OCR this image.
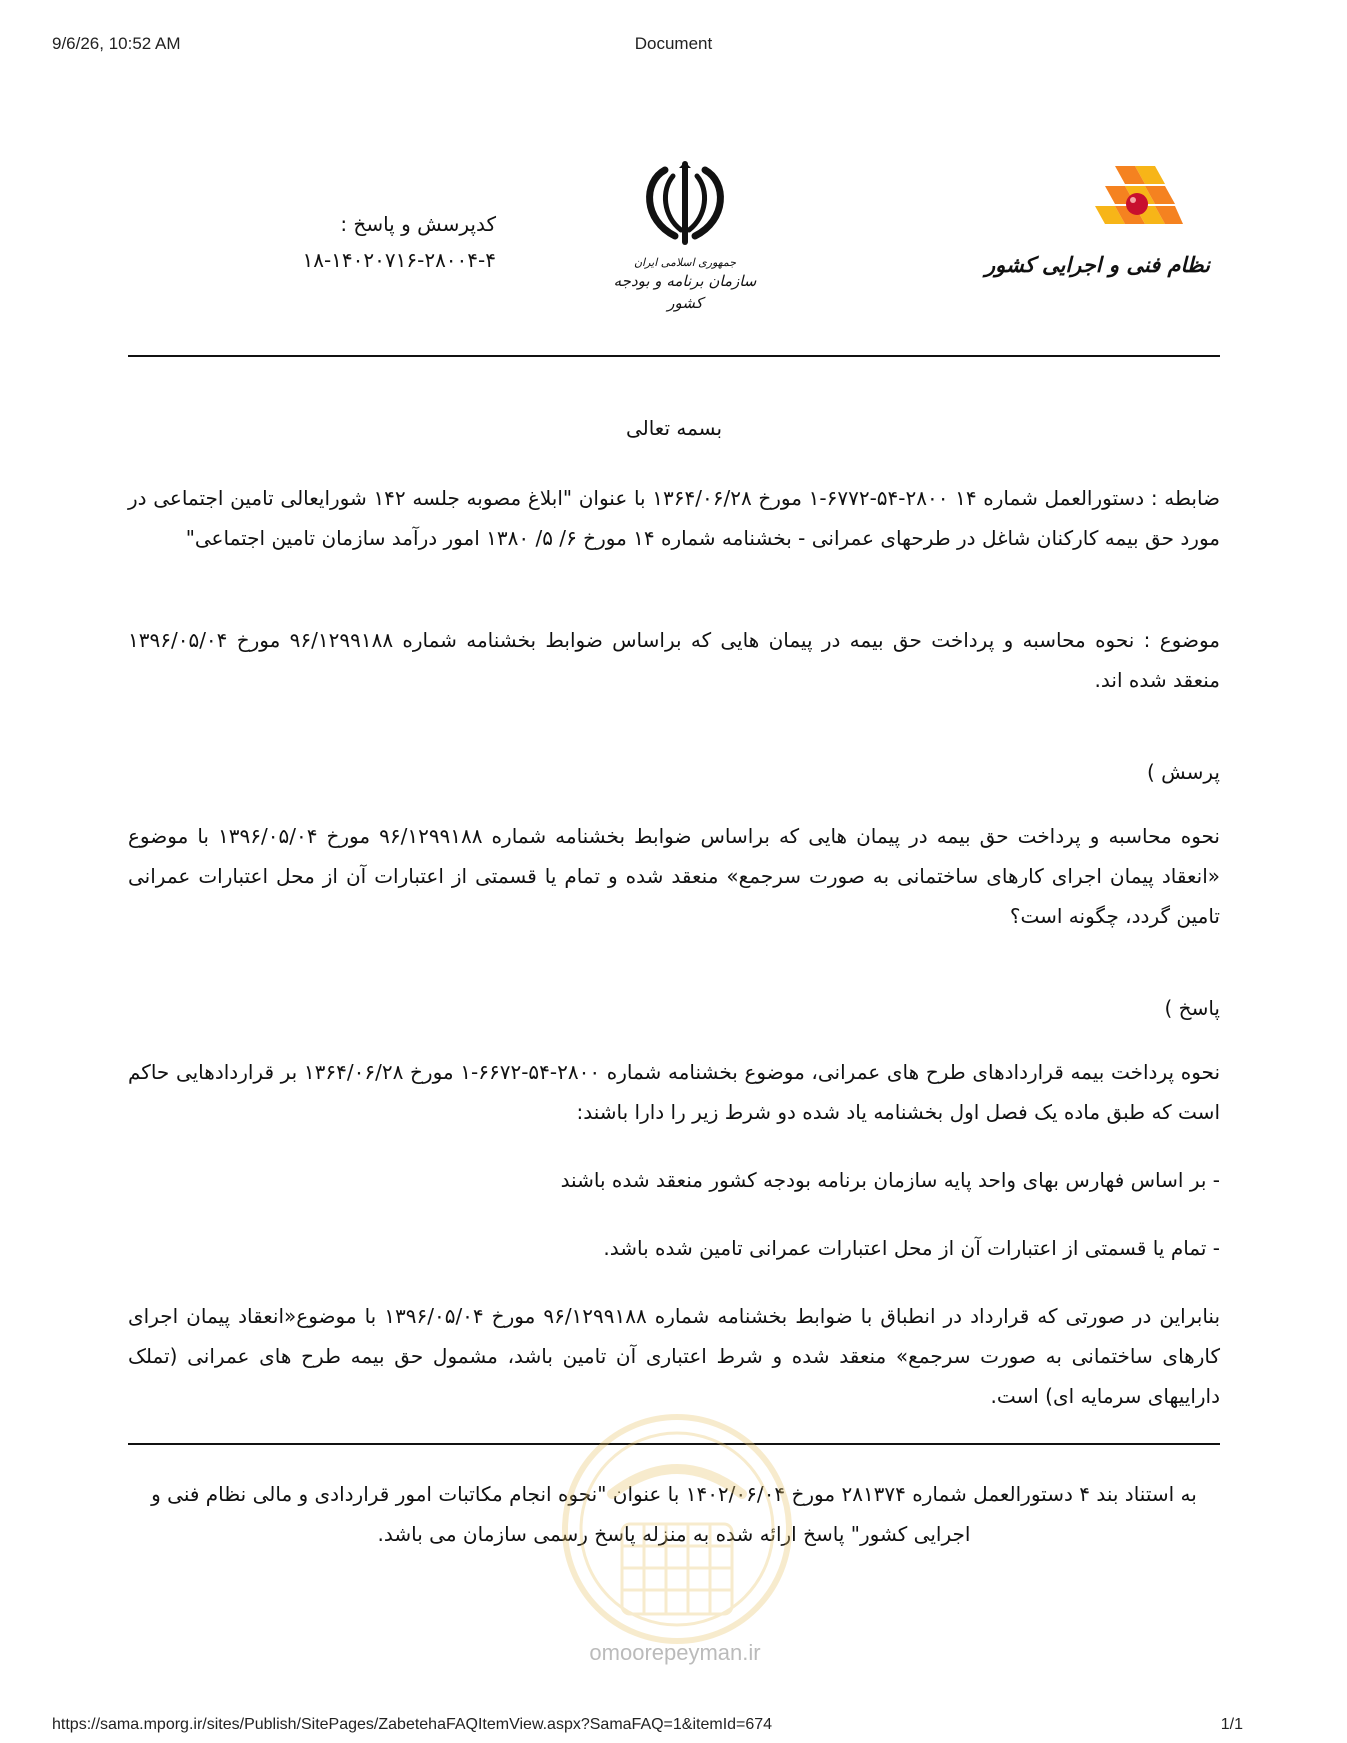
9/6/26, 10:52 AM	Document
کدپرسش و پاسخ :
۱۸-۱۴۰۲۰۷۱۶-۲۸۰۰۴-۴	جمهوری اسلامی ایران
سازمان برنامه و بودجه کشور
نظام فنی و اجرایی کشور
بسمه تعالی
ضابطه : دستورالعمل شماره ۱۴ ۲۸۰۰-۵۴-۶۷۷۲-۱ مورخ ۱۳۶۴/۰۶/۲۸ با عنوان "ابلاغ مصوبه جلسه ۱۴۲ شورایعالی تامین اجتماعی در مورد حق بیمه کارکنان شاغل در طرحهای عمرانی - بخشنامه شماره ۱۴ مورخ ۶/ ۵/ ۱۳۸۰ امور درآمد سازمان تامین اجتماعی"
موضوع : نحوه محاسبه و پرداخت حق بیمه در پیمان هایی که براساس ضوابط بخشنامه شماره ۹۶/۱۲۹۹۱۸۸ مورخ ۱۳۹۶/۰۵/۰۴ منعقد شده اند.
پرسش )
نحوه محاسبه و پرداخت حق بیمه در پیمان هایی که براساس ضوابط بخشنامه شماره ۹۶/۱۲۹۹۱۸۸ مورخ ۱۳۹۶/۰۵/۰۴ با موضوع «انعقاد پیمان اجرای کارهای ساختمانی به صورت سرجمع» منعقد شده و تمام یا قسمتی از اعتبارات آن از محل اعتبارات عمرانی تامین گردد، چگونه است؟
پاسخ )
نحوه پرداخت بیمه قراردادهای طرح های عمرانی، موضوع بخشنامه شماره ۲۸۰۰-۵۴-۶۶۷۲-۱ مورخ ۱۳۶۴/۰۶/۲۸ بر قراردادهایی حاکم است که طبق ماده یک فصل اول بخشنامه یاد شده دو شرط زیر را دارا باشند:
- بر اساس فهارس بهای واحد پایه سازمان برنامه بودجه کشور منعقد شده باشند
- تمام یا قسمتی از اعتبارات آن از محل اعتبارات عمرانی تامین شده باشد.
بنابراین در صورتی که قرارداد در انطباق با ضوابط بخشنامه شماره ۹۶/۱۲۹۹۱۸۸ مورخ ۱۳۹۶/۰۵/۰۴ با موضوع«انعقاد پیمان اجرای کارهای ساختمانی به صورت سرجمع» منعقد شده و شرط اعتباری آن تامین باشد، مشمول حق بیمه طرح های عمرانی (تملک داراییهای سرمایه ای) است.
به استناد بند ۴ دستورالعمل شماره ۲۸۱۳۷۴ مورخ ۱۴۰۲/۰۶/۰۴ با عنوان "نحوه انجام مکاتبات امور قراردادی و مالی نظام فنی و اجرایی کشور" پاسخ ارائه شده به منزله پاسخ رسمی سازمان می باشد.
omoorepeyman.ir
https://sama.mporg.ir/sites/Publish/SitePages/ZabetehaFAQItemView.aspx?SamaFAQ=1&itemId=674	1/1
